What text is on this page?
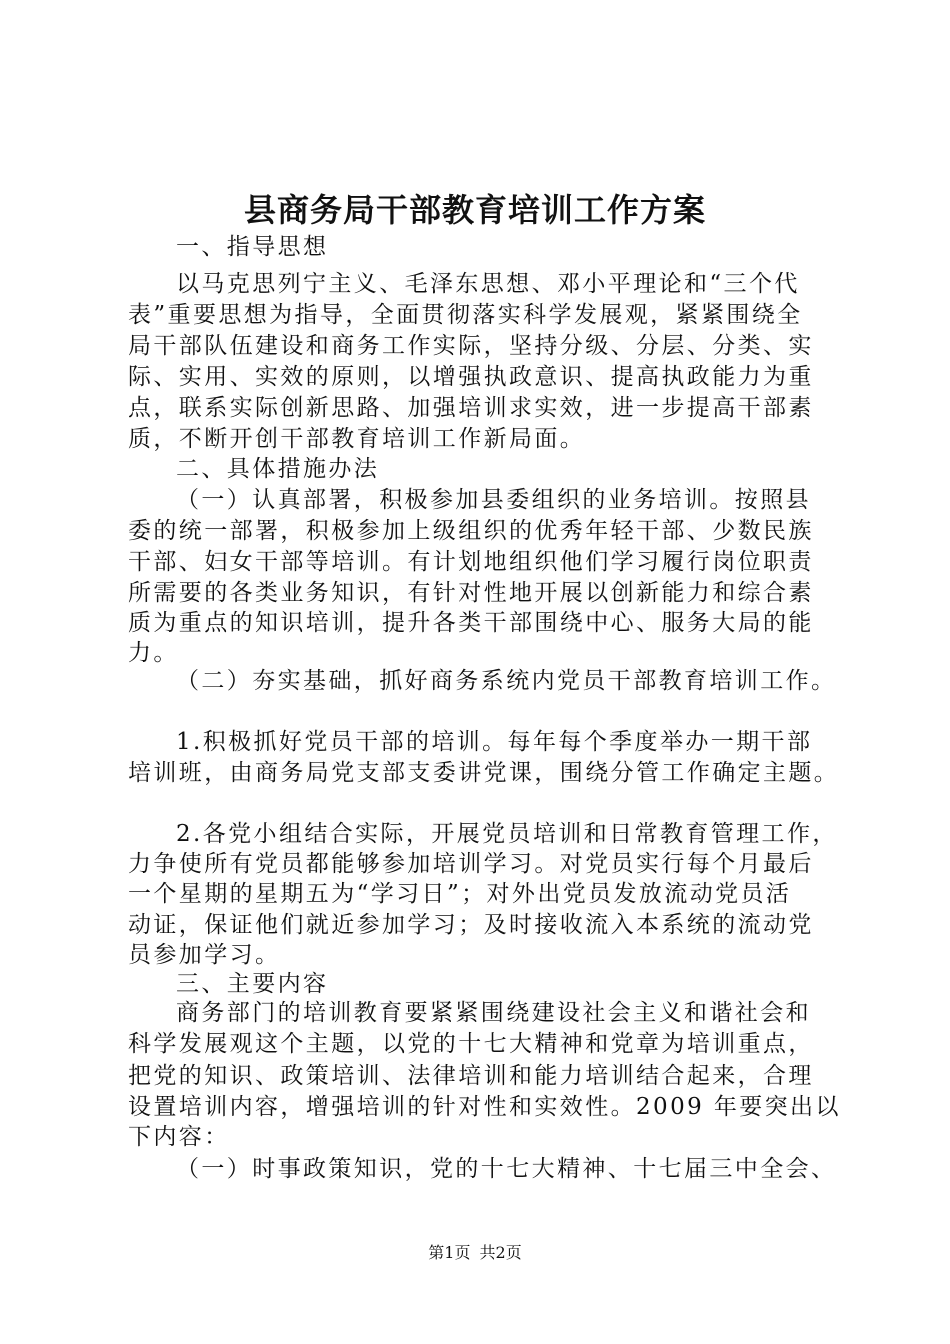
县商务局干部教育培训工作方案
一、指导思想
以马克思列宁主义、毛泽东思想、邓小平理论和“三个代
表”重要思想为指导，全面贯彻落实科学发展观，紧紧围绕全
局干部队伍建设和商务工作实际，坚持分级、分层、分类、实
际、实用、实效的原则，以增强执政意识、提高执政能力为重
点，联系实际创新思路、加强培训求实效，进一步提高干部素
质，不断开创干部教育培训工作新局面。
二、具体措施办法
（一）认真部署，积极参加县委组织的业务培训。按照县
委的统一部署，积极参加上级组织的优秀年轻干部、少数民族
干部、妇女干部等培训。有计划地组织他们学习履行岗位职责
所需要的各类业务知识，有针对性地开展以创新能力和综合素
质为重点的知识培训，提升各类干部围绕中心、服务大局的能
力。
（二）夯实基础，抓好商务系统内党员干部教育培训工作。
1.积极抓好党员干部的培训。每年每个季度举办一期干部
培训班，由商务局党支部支委讲党课，围绕分管工作确定主题。
2.各党小组结合实际，开展党员培训和日常教育管理工作，
力争使所有党员都能够参加培训学习。对党员实行每个月最后
一个星期的星期五为“学习日”；对外出党员发放流动党员活
动证，保证他们就近参加学习；及时接收流入本系统的流动党
员参加学习。
三、主要内容
商务部门的培训教育要紧紧围绕建设社会主义和谐社会和
科学发展观这个主题，以党的十七大精神和党章为培训重点，
把党的知识、政策培训、法律培训和能力培训结合起来，合理
设置培训内容，增强培训的针对性和实效性。2009 年要突出以
下内容：
（一）时事政策知识，党的十七大精神、十七届三中全会、
第1页 共2页
